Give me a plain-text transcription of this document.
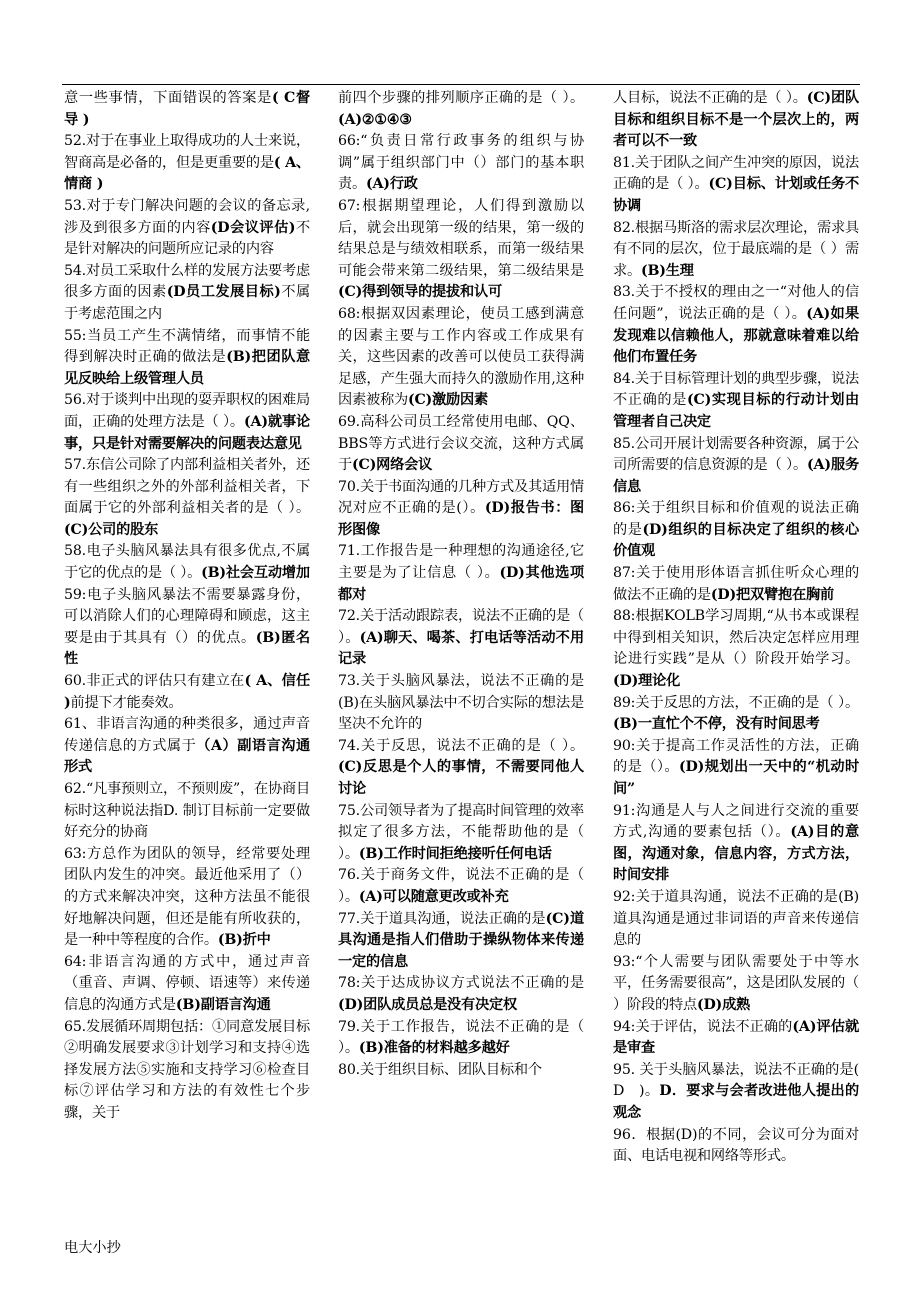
意一些事情，下面错误的答案是( C督导 )

52.对于在事业上取得成功的人士来说，智商高是必备的，但是更重要的是( A、情商 )

53.对于专门解决问题的会议的备忘录,涉及到很多方面的内容(D会议评估)不是针对解决的问题所应记录的内容

54.对员工采取什么样的发展方法要考虑很多方面的因素(D员工发展目标)不属于考虑范围之内

55:当员工产生不满情绪，而事情不能得到解决时正确的做法是(B)把团队意见反映给上级管理人员

56.对于谈判中出现的耍弄职权的困难局面，正确的处理方法是（ ）。(A)就事论事，只是针对需要解决的问题表达意见

57.东信公司除了内部利益相关者外，还有一些组织之外的外部利益相关者，下面属于它的外部利益相关者的是（ ）。(C)公司的股东

58.电子头脑风暴法具有很多优点,不属于它的优点的是（ ）。(B)社会互动增加

59:电子头脑风暴法不需要暴露身份，可以消除人们的心理障碍和顾虑，这主要是由于其具有（）的优点。(B)匿名性

60.非正式的评估只有建立在( A、信任 )前提下才能奏效。

61、非语言沟通的种类很多，通过声音传递信息的方式属于（A）副语言沟通形式

62.“凡事预则立，不预则废”，在协商目标时这种说法指D. 制订目标前一定要做好充分的协商

63:方总作为团队的领导，经常要处理团队内发生的冲突。最近他采用了（）的方式来解决冲突，这种方法虽不能很好地解决问题，但还是能有所收获的，是一种中等程度的合作。(B)折中

64:非语言沟通的方式中，通过声音（重音、声调、停顿、语速等）来传递信息的沟通方式是(B)副语言沟通

65.发展循环周期包括：①同意发展目标②明确发展要求③计划学习和支持④选择发展方法⑤实施和支持学习⑥检查目标⑦评估学习和方法的有效性七个步骤，关于

前四个步骤的排列顺序正确的是（ ）。(A)②①④③

66:“负责日常行政事务的组织与协调”属于组织部门中（）部门的基本职责。(A)行政

67:根据期望理论，人们得到激励以后，就会出现第一级的结果，第一级的结果总是与绩效相联系，而第一级结果可能会带来第二级结果，第二级结果是(C)得到领导的提拔和认可

68:根据双因素理论，使员工感到满意的因素主要与工作内容或工作成果有关，这些因素的改善可以使员工获得满足感，产生强大而持久的激励作用,这种因素被称为(C)激励因素

69.高科公司员工经常使用电邮、QQ、BBS等方式进行会议交流，这种方式属于(C)网络会议

70.关于书面沟通的几种方式及其适用情况对应不正确的是(）。(D)报告书：图形图像

71.工作报告是一种理想的沟通途径,它主要是为了让信息（ ）。(D)其他选项都对

72.关于活动跟踪表，说法不正确的是（ ）。(A)聊天、喝茶、打电话等活动不用记录

73.关于头脑风暴法，说法不正确的是(B)在头脑风暴法中不切合实际的想法是坚决不允许的

74.关于反思，说法不正确的是（ ）。(C)反思是个人的事情，不需要同他人讨论

75.公司领导者为了提高时间管理的效率拟定了很多方法，不能帮助他的是（ ）。(B)工作时间拒绝接听任何电话

76.关于商务文件，说法不正确的是（ ）。(A)可以随意更改或补充

77.关于道具沟通，说法正确的是(C)道具沟通是指人们借助于操纵物体来传递一定的信息

78:关于达成协议方式说法不正确的是(D)团队成员总是没有决定权

79.关于工作报告，说法不正确的是（ ）。(B)准备的材料越多越好

80.关于组织目标、团队目标和个

人目标，说法不正确的是（ ）。(C)团队目标和组织目标不是一个层次上的，两者可以不一致

81.关于团队之间产生冲突的原因，说法正确的是（ ）。(C)目标、计划或任务不协调

82.根据马斯洛的需求层次理论，需求具有不同的层次，位于最底端的是（ ）需求。(B)生理

83.关于不授权的理由之一“对他人的信任问题”，说法正确的是（ ）。(A)如果发现难以信赖他人，那就意味着难以给他们布置任务

84.关于目标管理计划的典型步骤，说法不正确的是(C)实现目标的行动计划由管理者自己决定

85.公司开展计划需要各种资源，属于公司所需要的信息资源的是（ ）。(A)服务信息

86:关于组织目标和价值观的说法正确的是(D)组织的目标决定了组织的核心价值观

87:关于使用形体语言抓住听众心理的做法不正确的是(D)把双臂抱在胸前

88:根据KOLB学习周期,“从书本或课程中得到相关知识，然后决定怎样应用理论进行实践”是从（）阶段开始学习。(D)理论化

89:关于反思的方法，不正确的是（ ）。(B)一直忙个不停，没有时间思考

90:关于提高工作灵活性的方法，正确的是（）。(D)规划出一天中的“机动时间”

91:沟通是人与人之间进行交流的重要方式,沟通的要素包括（）。(A)目的意图，沟通对象，信息内容，方式方法，时间安排

92:关于道具沟通，说法不正确的是(B)道具沟通是通过非词语的声音来传递信息的

93:“个人需要与团队需要处于中等水平，任务需要很高”，这是团队发展的（ ）阶段的特点(D)成熟

94:关于评估，说法不正确的(A)评估就是审查

95. 关于头脑风暴法，说法不正确的是(　D　)。D．要求与会者改进他人提出的观念

96．根据(D)的不同，会议可分为面对面、电话电视和网络等形式。

电大小抄
